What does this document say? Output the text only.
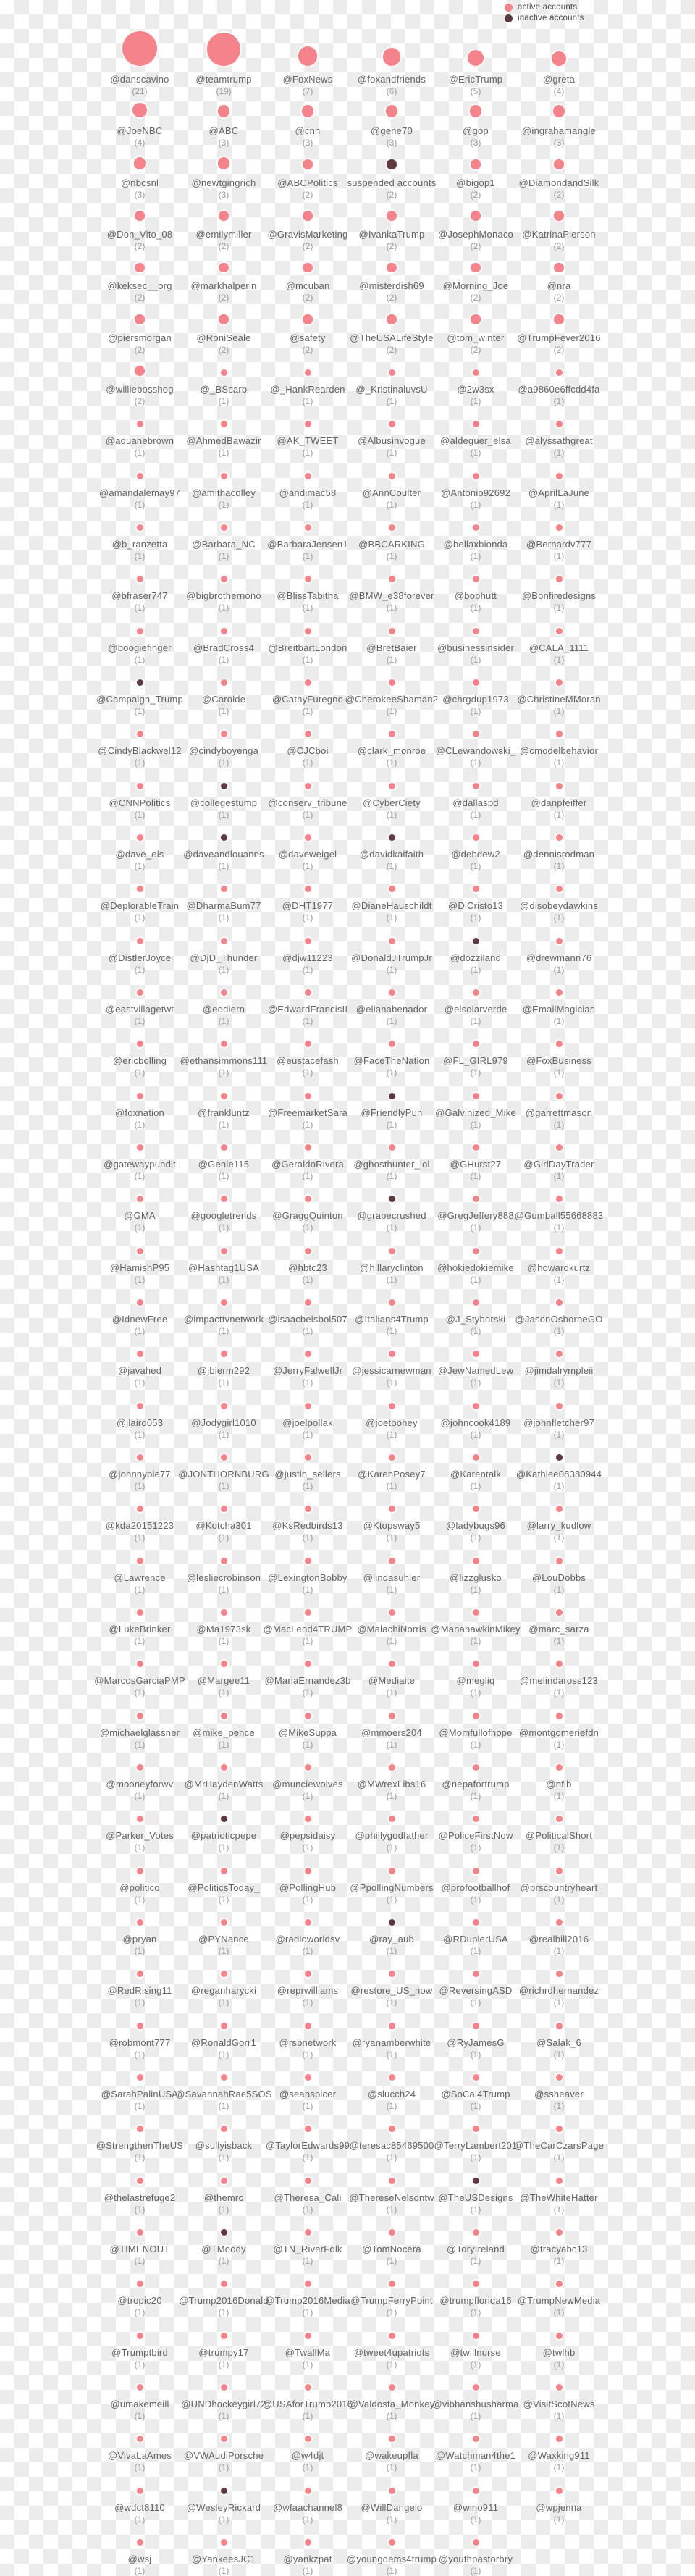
active accounts
inactive accounts
@danscavino
(21)
@teamtrump
(19)
@FoxNews
(7)
@foxandfriends
(6)
@EricTrump
(5)
@greta
(4)
@JoeNBC
(4)
@ABC
(3)
@cnn
(3)
@gene70
(3)
@gop
(3)
@ingrahamangle
(3)
@nbcsnl
(3)
@newtgingrich
(3)
@ABCPolitics
(2)
suspended accounts
(2)
@bigop1
(2)
@DiamondandSilk
(2)
@Don_Vito_08
(2)
@emilymiller
(2)
@GravisMarketing
(2)
@IvankaTrump
(2)
@JosephMonaco
(2)
@KatrinaPierson
(2)
@keksec__org
(2)
@markhalperin
(2)
@mcuban
(2)
@misterdish69
(2)
@Morning_Joe
(2)
@nra
(2)
@piersmorgan
(2)
@RoniSeale
(2)
@safety
(2)
@TheUSALifeStyle
(2)
@tom_winter
(2)
@TrumpFever2016
(2)
@williebosshog
(2)
@_BScarb
(1)
@_HankRearden
(1)
@_KristinaluvsU
(1)
@2w3sx
(1)
@a9860e6ffcdd4fa
(1)
@aduanebrown
(1)
@AhmedBawazir
(1)
@AK_TWEET
(1)
@Albusinvogue
(1)
@aldeguer_elsa
(1)
@alyssathgreat
(1)
@amandalemay97
(1)
@amithacolley
(1)
@andimac58
(1)
@AnnCoulter
(1)
@Antonio92692
(1)
@AprilLaJune
(1)
@b_ranzetta
(1)
@Barbara_NC
(1)
@BarbaraJensen1
(1)
@BBCARKING
(1)
@bellaxbionda
(1)
@Bernardv777
(1)
@bfraser747
(1)
@bigbrothernono
(1)
@BlissTabitha
(1)
@BMW_e38forever
(1)
@bobhutt
(1)
@Bonfiredesigns
(1)
@boogiefinger
(1)
@BradCross4
(1)
@BreitbartLondon
(1)
@BretBaier
(1)
@businessinsider
(1)
@CALA_1111
(1)
@Campaign_Trump
(1)
@Carolde
(1)
@CathyFuregno
(1)
@CherokeeShaman2
(1)
@chrgdup1973
(1)
@ChristineMMoran
(1)
@CindyBlackwel12
(1)
@cindyboyenga
(1)
@CJCboi
(1)
@clark_monroe
(1)
@CLewandowski_
(1)
@cmodelbehavior
(1)
@CNNPolitics
(1)
@collegestump
(1)
@conserv_tribune
(1)
@CyberCiety
(1)
@dallaspd
(1)
@danpfeiffer
(1)
@dave_els
(1)
@daveandlouanns
(1)
@daveweigel
(1)
@davidkaifaith
(1)
@debdew2
(1)
@dennisrodman
(1)
@DeplorableTrain
(1)
@DharmaBum77
(1)
@DHT1977
(1)
@DianeHauschildt
(1)
@DiCristo13
(1)
@disobeydawkins
(1)
@DistlerJoyce
(1)
@DjD_Thunder
(1)
@djw11223
(1)
@DonaldJTrumpJr
(1)
@dozziland
(1)
@drewmann76
(1)
@eastvillagetwt
(1)
@eddiern
(1)
@EdwardFrancisII
(1)
@elianabenador
(1)
@elsolarverde
(1)
@EmailMagician
(1)
@ericbolling
(1)
@ethansimmons111
(1)
@eustacefash
(1)
@FaceTheNation
(1)
@FL_GIRL979
(1)
@FoxBusiness
(1)
@foxnation
(1)
@frankluntz
(1)
@FreemarketSara
(1)
@FriendlyPuh
(1)
@Galvinized_Mike
(1)
@garrettmason
(1)
@gatewaypundit
(1)
@Genie115
(1)
@GeraldoRivera
(1)
@ghosthunter_lol
(1)
@GHurst27
(1)
@GirlDayTrader
(1)
@GMA
(1)
@googletrends
(1)
@GraggQuinton
(1)
@grapecrushed
(1)
@GregJeffery888
(1)
@Gumball55668883
(1)
@HamishP95
(1)
@Hashtag1USA
(1)
@hbtc23
(1)
@hillaryclinton
(1)
@hokiedokiemike
(1)
@howardkurtz
(1)
@IdnewFree
(1)
@impacttvnetwork
(1)
@isaacbeisbol507
(1)
@Italians4Trump
(1)
@J_Styborski
(1)
@JasonOsborneGO
(1)
@javahed
(1)
@jbierm292
(1)
@JerryFalwellJr
(1)
@jessicarnewman
(1)
@JewNamedLew
(1)
@jimdalrympleii
(1)
@jlaird053
(1)
@Jodygirl1010
(1)
@joelpollak
(1)
@joetoohey
(1)
@johncook4189
(1)
@johnfletcher97
(1)
@johnnypie77
(1)
@JONTHORNBURG
(1)
@justin_sellers
(1)
@KarenPosey7
(1)
@Karentalk
(1)
@Kathlee08380944
(1)
@kda20151223
(1)
@Kotcha301
(1)
@KsRedbirds13
(1)
@Ktopsway5
(1)
@ladybugs96
(1)
@larry_kudlow
(1)
@Lawrence
(1)
@lesliecrobinson
(1)
@LexingtonBobby
(1)
@lindasuhler
(1)
@lizzglusko
(1)
@LouDobbs
(1)
@LukeBrinker
(1)
@Ma1973sk
(1)
@MacLeod4TRUMP
(1)
@MalachiNorris
(1)
@ManahawkinMikey
(1)
@marc_sarza
(1)
@MarcosGarciaPMP
(1)
@Margee11
(1)
@MariaErnandez3b
(1)
@Mediaite
(1)
@megliq
(1)
@melindaross123
(1)
@michaelglassner
(1)
@mike_pence
(1)
@MikeSuppa
(1)
@mmoers204
(1)
@Momfullofhope
(1)
@montgomeriefdn
(1)
@mooneyforwv
(1)
@MrHaydenWatts
(1)
@munciewolves
(1)
@MWrexLibs16
(1)
@nepafortrump
(1)
@nfib
(1)
@Parker_Votes
(1)
@patrioticpepe
(1)
@pepsidaisy
(1)
@phillygodfather
(1)
@PoliceFirstNow
(1)
@PoliticalShort
(1)
@politico
(1)
@PoliticsToday_
(1)
@PollingHub
(1)
@PpollingNumbers
(1)
@profootballhof
(1)
@prscountryheart
(1)
@pryan
(1)
@PYNance
(1)
@radioworldsv
(1)
@ray_aub
(1)
@RDuplerUSA
(1)
@realbill2016
(1)
@RedRising11
(1)
@reganharycki
(1)
@reprwilliams
(1)
@restore_US_now
(1)
@ReversingASD
(1)
@richrdhernandez
(1)
@robmont777
(1)
@RonaldGorr1
(1)
@rsbnetwork
(1)
@ryanamberwhite
(1)
@RyJamesG
(1)
@Salak_6
(1)
@SarahPalinUSA
(1)
@SavannahRae5SOS
(1)
@seanspicer
(1)
@slucch24
(1)
@SoCal4Trump
(1)
@ssheaver
(1)
@StrengthenTheUS
(1)
@sullyisback
(1)
@TaylorEdwards99
(1)
@teresac85469500
(1)
@TerryLambert201
(1)
@TheCarCzarsPage
(1)
@thelastrefuge2
(1)
@themrc
(1)
@Theresa_Cali
(1)
@ThereseNelsontw
(1)
@TheUSDesigns
(1)
@TheWhiteHatter
(1)
@TIMENOUT
(1)
@TMoody
(1)
@TN_RiverFolk
(1)
@TomNocera
(1)
@ToryIreland
(1)
@tracyabc13
(1)
@tropic20
(1)
@Trump2016Donald
(1)
@Trump2016Media
(1)
@TrumpFerryPoint
(1)
@trumpflorida16
(1)
@TrumpNewMedia
(1)
@Trumptbird
(1)
@trumpy17
(1)
@TwallMa
(1)
@tweet4upatriots
(1)
@twillnurse
(1)
@twlhb
(1)
@umakemeill
(1)
@UNDhockeygirl72
(1)
@USAforTrump2016
(1)
@Valdosta_Monkey
(1)
@vibhanshusharma
(1)
@VisitScotNews
(1)
@VivaLaAmes
(1)
@VWAudiPorsche
(1)
@w4djt
(1)
@wakeupfla
(1)
@Watchman4the1
(1)
@Waxking911
(1)
@wdct8110
(1)
@WesleyRickard
(1)
@wfaachannel8
(1)
@WillDangelo
(1)
@wino911
(1)
@wpjenna
(1)
@wsj
(1)
@YankeesJC1
(1)
@yankzpat
(1)
@youngdems4trump
(1)
@youthpastorbry
(1)
